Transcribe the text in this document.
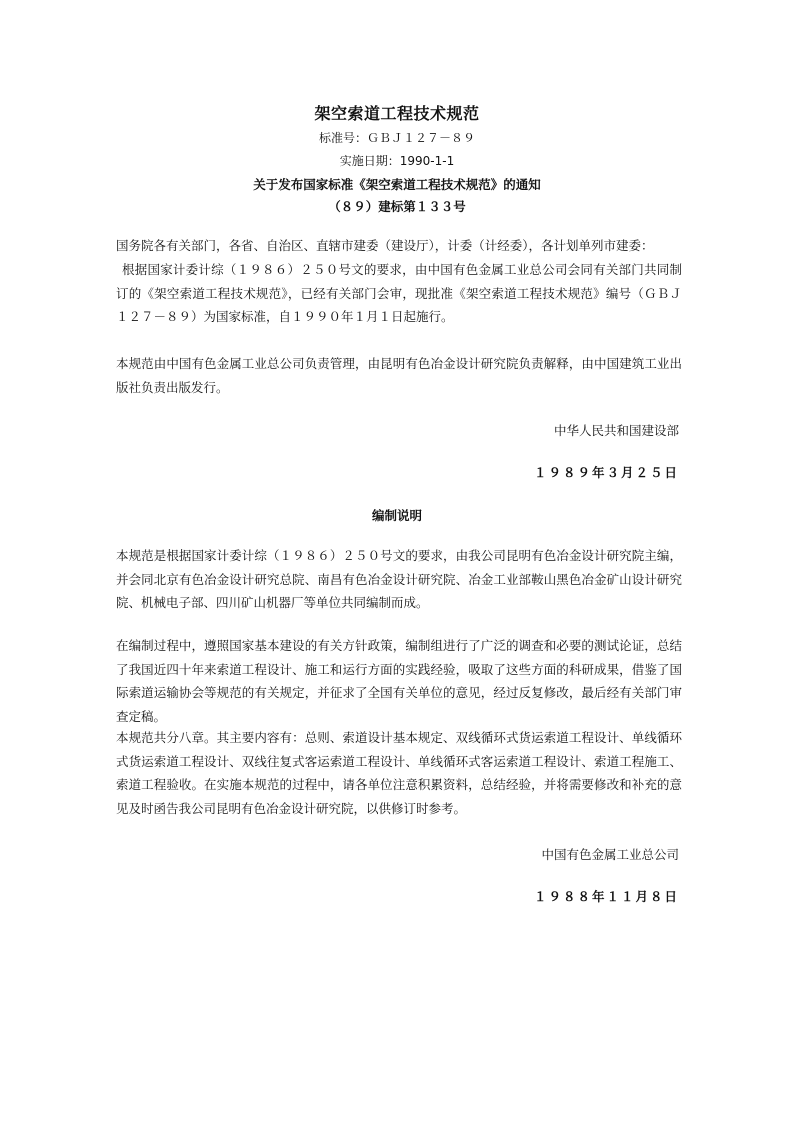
架空索道工程技术规范
标准号：ＧＢＪ１２７－８９
实施日期：1990-1-1
关于发布国家标准《架空索道工程技术规范》的通知
（８９）建标第１３３号
国务院各有关部门，各省、自治区、直辖市建委（建设厅），计委（计经委），各计划单列市建委：
根据国家计委计综（１９８６）２５０号文的要求，由中国有色金属工业总公司会同有关部门共同制订的《架空索道工程技术规范》，已经有关部门会审，现批准《架空索道工程技术规范》编号（ＧＢＪ１２７－８９）为国家标准，自１９９０年１月１日起施行。
本规范由中国有色金属工业总公司负责管理，由昆明有色冶金设计研究院负责解释，由中国建筑工业出版社负责出版发行。
中华人民共和国建设部
１９８９年３月２５日
编制说明
本规范是根据国家计委计综（１９８６）２５０号文的要求，由我公司昆明有色冶金设计研究院主编，并会同北京有色冶金设计研究总院、南昌有色冶金设计研究院、冶金工业部鞍山黑色冶金矿山设计研究院、机械电子部、四川矿山机器厂等单位共同编制而成。
在编制过程中，遵照国家基本建设的有关方针政策，编制组进行了广泛的调查和必要的测试论证，总结了我国近四十年来索道工程设计、施工和运行方面的实践经验，吸取了这些方面的科研成果，借鉴了国际索道运输协会等规范的有关规定，并征求了全国有关单位的意见，经过反复修改，最后经有关部门审查定稿。
本规范共分八章。其主要内容有：总则、索道设计基本规定、双线循环式货运索道工程设计、单线循环式货运索道工程设计、双线往复式客运索道工程设计、单线循环式客运索道工程设计、索道工程施工、索道工程验收。在实施本规范的过程中，请各单位注意积累资料，总结经验，并将需要修改和补充的意见及时函告我公司昆明有色冶金设计研究院，以供修订时参考。
中国有色金属工业总公司
１９８８年１１月８日
